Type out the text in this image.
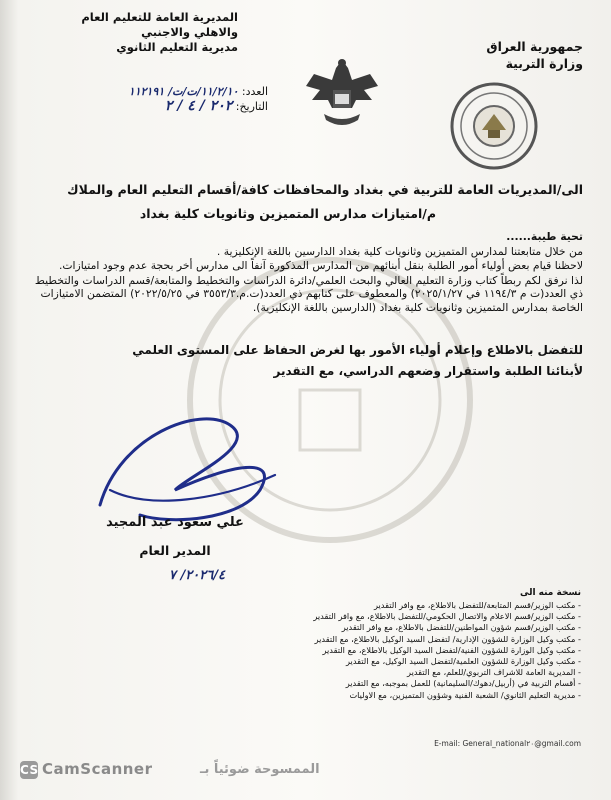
المديرية العامة للتعليم العام
والاهلي والاجنبي
مديرية التعليم الثانوي
العدد: ١١/٢/١٠/ت/ت/ ١١٢١٩١
التاريخ: ٢٠٢ / ٤ / ٢
جمهورية العراق
وزارة التربية
الى/المديريات العامة للتربية في بغداد والمحافظات كافة/أقسام التعليم العام والملاك
م/امتيازات مدارس المتميزين وثانويات كلية بغداد

تحية طيبة......

من خلال متابعتنا لمدارس المتميزين وثانويات كلية بغداد الدارسين باللغة الإنكليزية .

لاحظنا قيام بعض أولياء أمور الطلبة بنقل أبنائهم من المدارس المذكورة آنفاً الى مدارس أخر بحجة عدم وجود امتيازات.

لذا نرفق لكم ربطاً كتاب وزارة التعليم العالي والبحث العلمي/دائرة الدراسات والتخطيط والمتابعة/قسم الدراسات والتخطيط ذي العدد(ت م ١١٩٤/٣ في ٢٠٢٥/١/٢٧) والمعطوف على كتابهم ذي العدد(ت.م.٣٥٥٣/٣ في ٢٠٢٢/٥/٢٥) المتضمن الامتيازات الخاصة بمدارس المتميزين وثانويات كلية بغداد (الدارسين باللغة الإنكليزية).

للتفضل بالاطلاع وإعلام أولياء الأمور بها لغرض الحفاظ على المستوى العلمي
لأبنائنا الطلبة واستقرار وضعهم الدراسي، مع التقدير
علي سعود عبد المجيد
المدير العام
٢٠٢٦/٤/ ٧
نسخة منه الى
- مكتب الوزير/قسم المتابعة/للتفضل بالاطلاع، مع وافر التقدير
- مكتب الوزير/قسم الاعلام والاتصال الحكومي/للتفضل بالاطلاع، مع وافر التقدير
- مكتب الوزير/قسم شؤون المواطنين/للتفضل بالاطلاع، مع وافر التقدير
- مكتب وكيل الوزارة للشؤون الإدارية/ لتفضل السيد الوكيل بالاطلاع، مع التقدير
- مكتب وكيل الوزارة للشؤون الفنية/لتفضل السيد الوكيل بالاطلاع، مع التقدير
- مكتب وكيل الوزارة للشؤون العلمية/لتفضل السيد الوكيل، مع التقدير
- المديرية العامة للاشراف التربوي/للعلم، مع التقدير
- أقسام التربية في (أربيل/دهوك/السليمانية) للعمل بموجبه، مع التقدير
- مديرية التعليم الثانوي/ الشعبة الفنية وشؤون المتميزين، مع الاوليات
E-mail: General_national٢٠@gmail.com
CS CamScanner	الممسوحة ضوئياً بـ
